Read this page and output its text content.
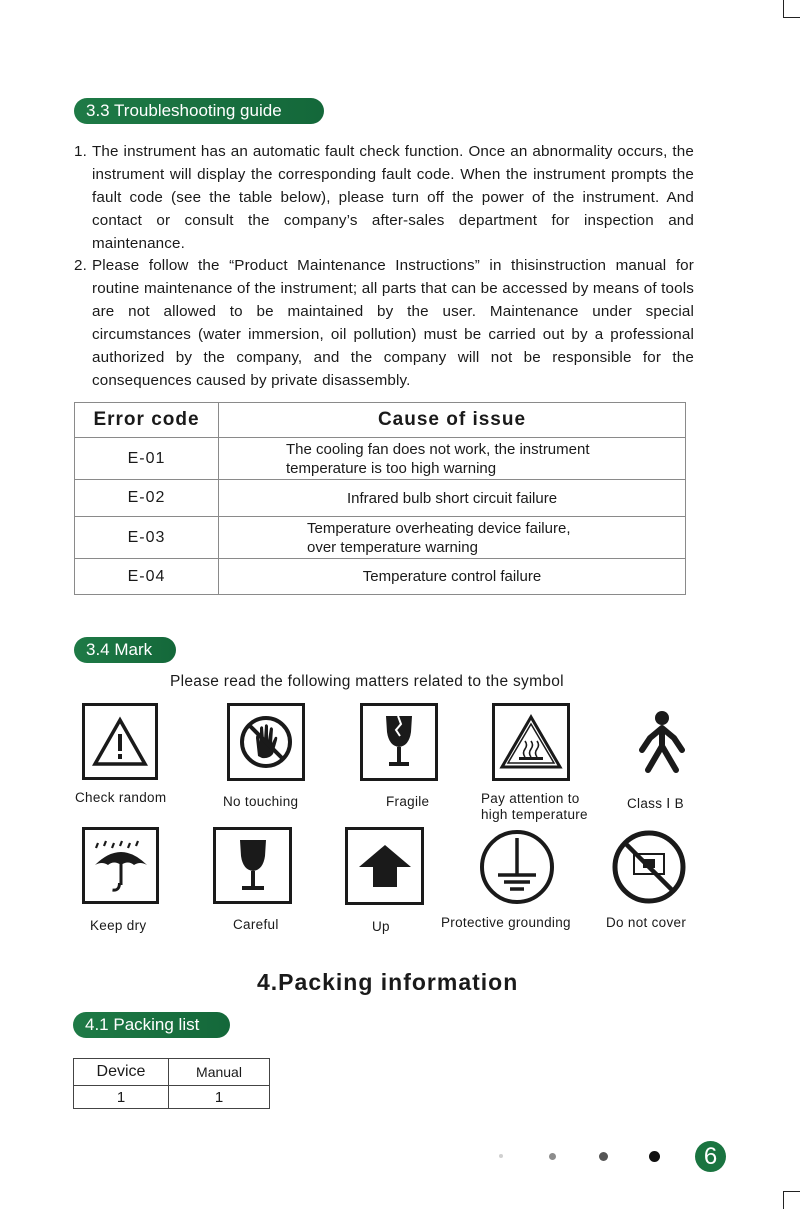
3.3 Troubleshooting guide
1. The instrument has an automatic fault check function. Once an abnormality occurs, the instrument will display the corresponding fault code. When the instrument prompts the fault code (see the table below), please turn off the power of the instrument. And contact or consult the company’s after-sales department for inspection and maintenance.
2. Please follow the “Product Maintenance Instructions” in thisinstruction manual for routine maintenance of the instrument; all parts that can be accessed by means of tools are not allowed to be maintained by the user. Maintenance under special circumstances (water immersion, oil pollution) must be carried out by a professional authorized by the company, and the company will not be responsible for the consequences caused by private disassembly.
Error code	Cause of issue
E-01	The cooling fan does not work, the instrument
temperature is too high warning

E-02	Infrared bulb short circuit failure
E-03	Temperature overheating device failure,
over temperature warning

E-04	Temperature control failure
3.4 Mark
Please read the following matters related to the symbol
Check random	No touching	Fragile	Pay attention to
high temperature
Class Ⅰ B
Keep dry	Careful	Up	Protective grounding	Do not cover
4.Packing information
4.1 Packing list
Device	Manual
1	1
6
